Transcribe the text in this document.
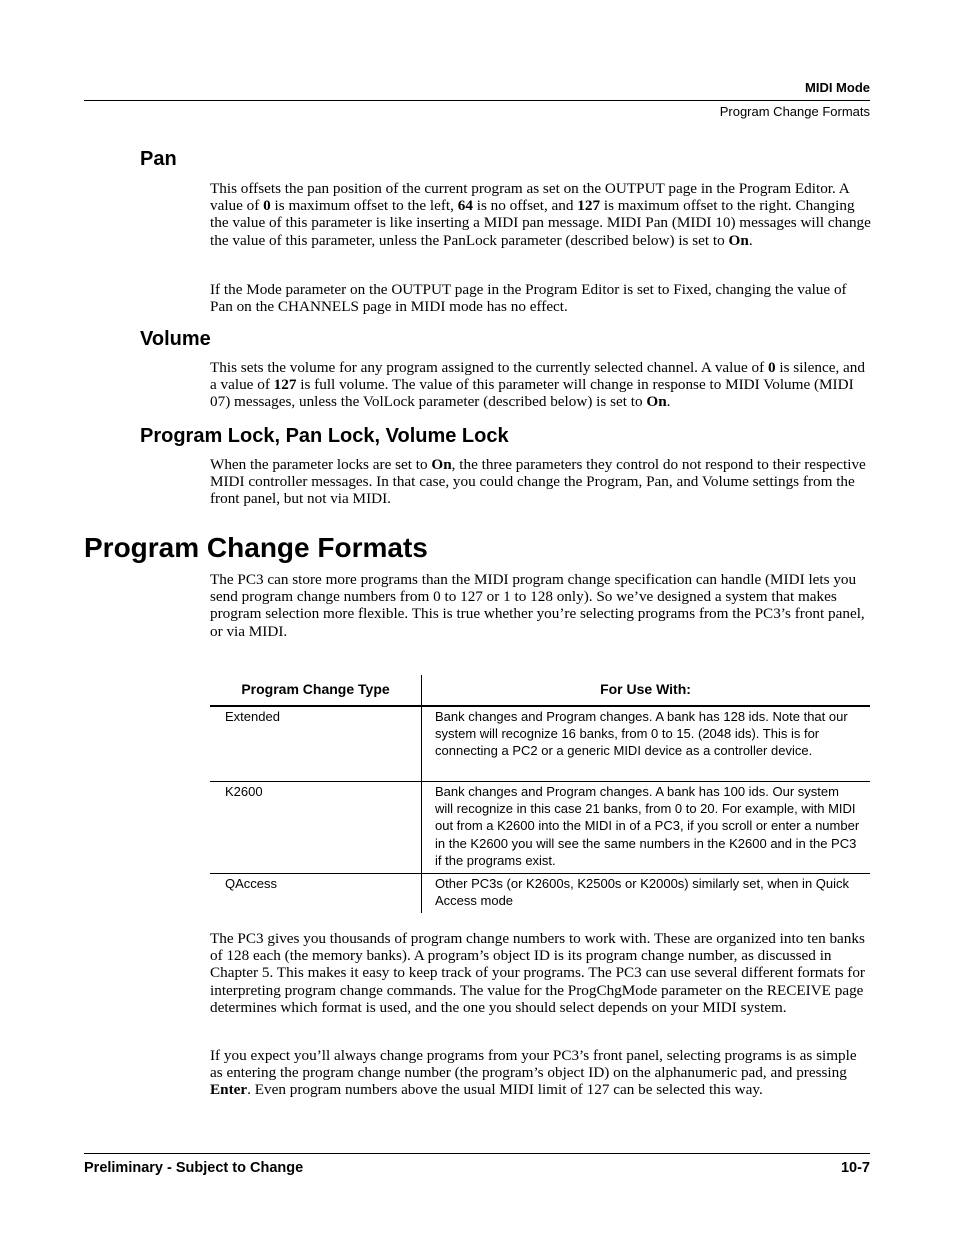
MIDI Mode
Program Change Formats
Pan
This offsets the pan position of the current program as set on the OUTPUT page in the Program Editor. A value of 0 is maximum offset to the left, 64 is no offset, and 127 is maximum offset to the right. Changing the value of this parameter is like inserting a MIDI pan message. MIDI Pan (MIDI 10) messages will change the value of this parameter, unless the PanLock parameter (described below) is set to On.
If the Mode parameter on the OUTPUT page in the Program Editor is set to Fixed, changing the value of Pan on the CHANNELS page in MIDI mode has no effect.
Volume
This sets the volume for any program assigned to the currently selected channel. A value of 0 is silence, and a value of 127 is full volume. The value of this parameter will change in response to MIDI Volume (MIDI 07) messages, unless the VolLock parameter (described below) is set to On.
Program Lock, Pan Lock, Volume Lock
When the parameter locks are set to On, the three parameters they control do not respond to their respective MIDI controller messages. In that case, you could change the Program, Pan, and Volume settings from the front panel, but not via MIDI.
Program Change Formats
The PC3 can store more programs than the MIDI program change specification can handle (MIDI lets you send program change numbers from 0 to 127 or 1 to 128 only). So we’ve designed a system that makes program selection more flexible. This is true whether you’re selecting programs from the PC3’s front panel, or via MIDI.
Program Change Type	For Use With:
Extended	Bank changes and Program changes. A bank has 128 ids. Note that our system will recognize 16 banks, from 0 to 15. (2048 ids). This is for connecting a PC2 or a generic MIDI device as a controller device.
K2600	Bank changes and Program changes. A bank has 100 ids. Our system will recognize in this case 21 banks, from 0 to 20. For example, with MIDI out from a K2600 into the MIDI in of a PC3, if you scroll or enter a number in the K2600 you will see the same numbers in the K2600 and in the PC3 if the programs exist.
QAccess	Other PC3s (or K2600s, K2500s or K2000s) similarly set, when in Quick Access mode
The PC3 gives you thousands of program change numbers to work with. These are organized into ten banks of 128 each (the memory banks). A program’s object ID is its program change number, as discussed in Chapter 5. This makes it easy to keep track of your programs. The PC3 can use several different formats for interpreting program change commands. The value for the ProgChgMode parameter on the RECEIVE page determines which format is used, and the one you should select depends on your MIDI system.
If you expect you’ll always change programs from your PC3’s front panel, selecting programs is as simple as entering the program change number (the program’s object ID) on the alphanumeric pad, and pressing Enter. Even program numbers above the usual MIDI limit of 127 can be selected this way.
Preliminary - Subject to Change	10-7
